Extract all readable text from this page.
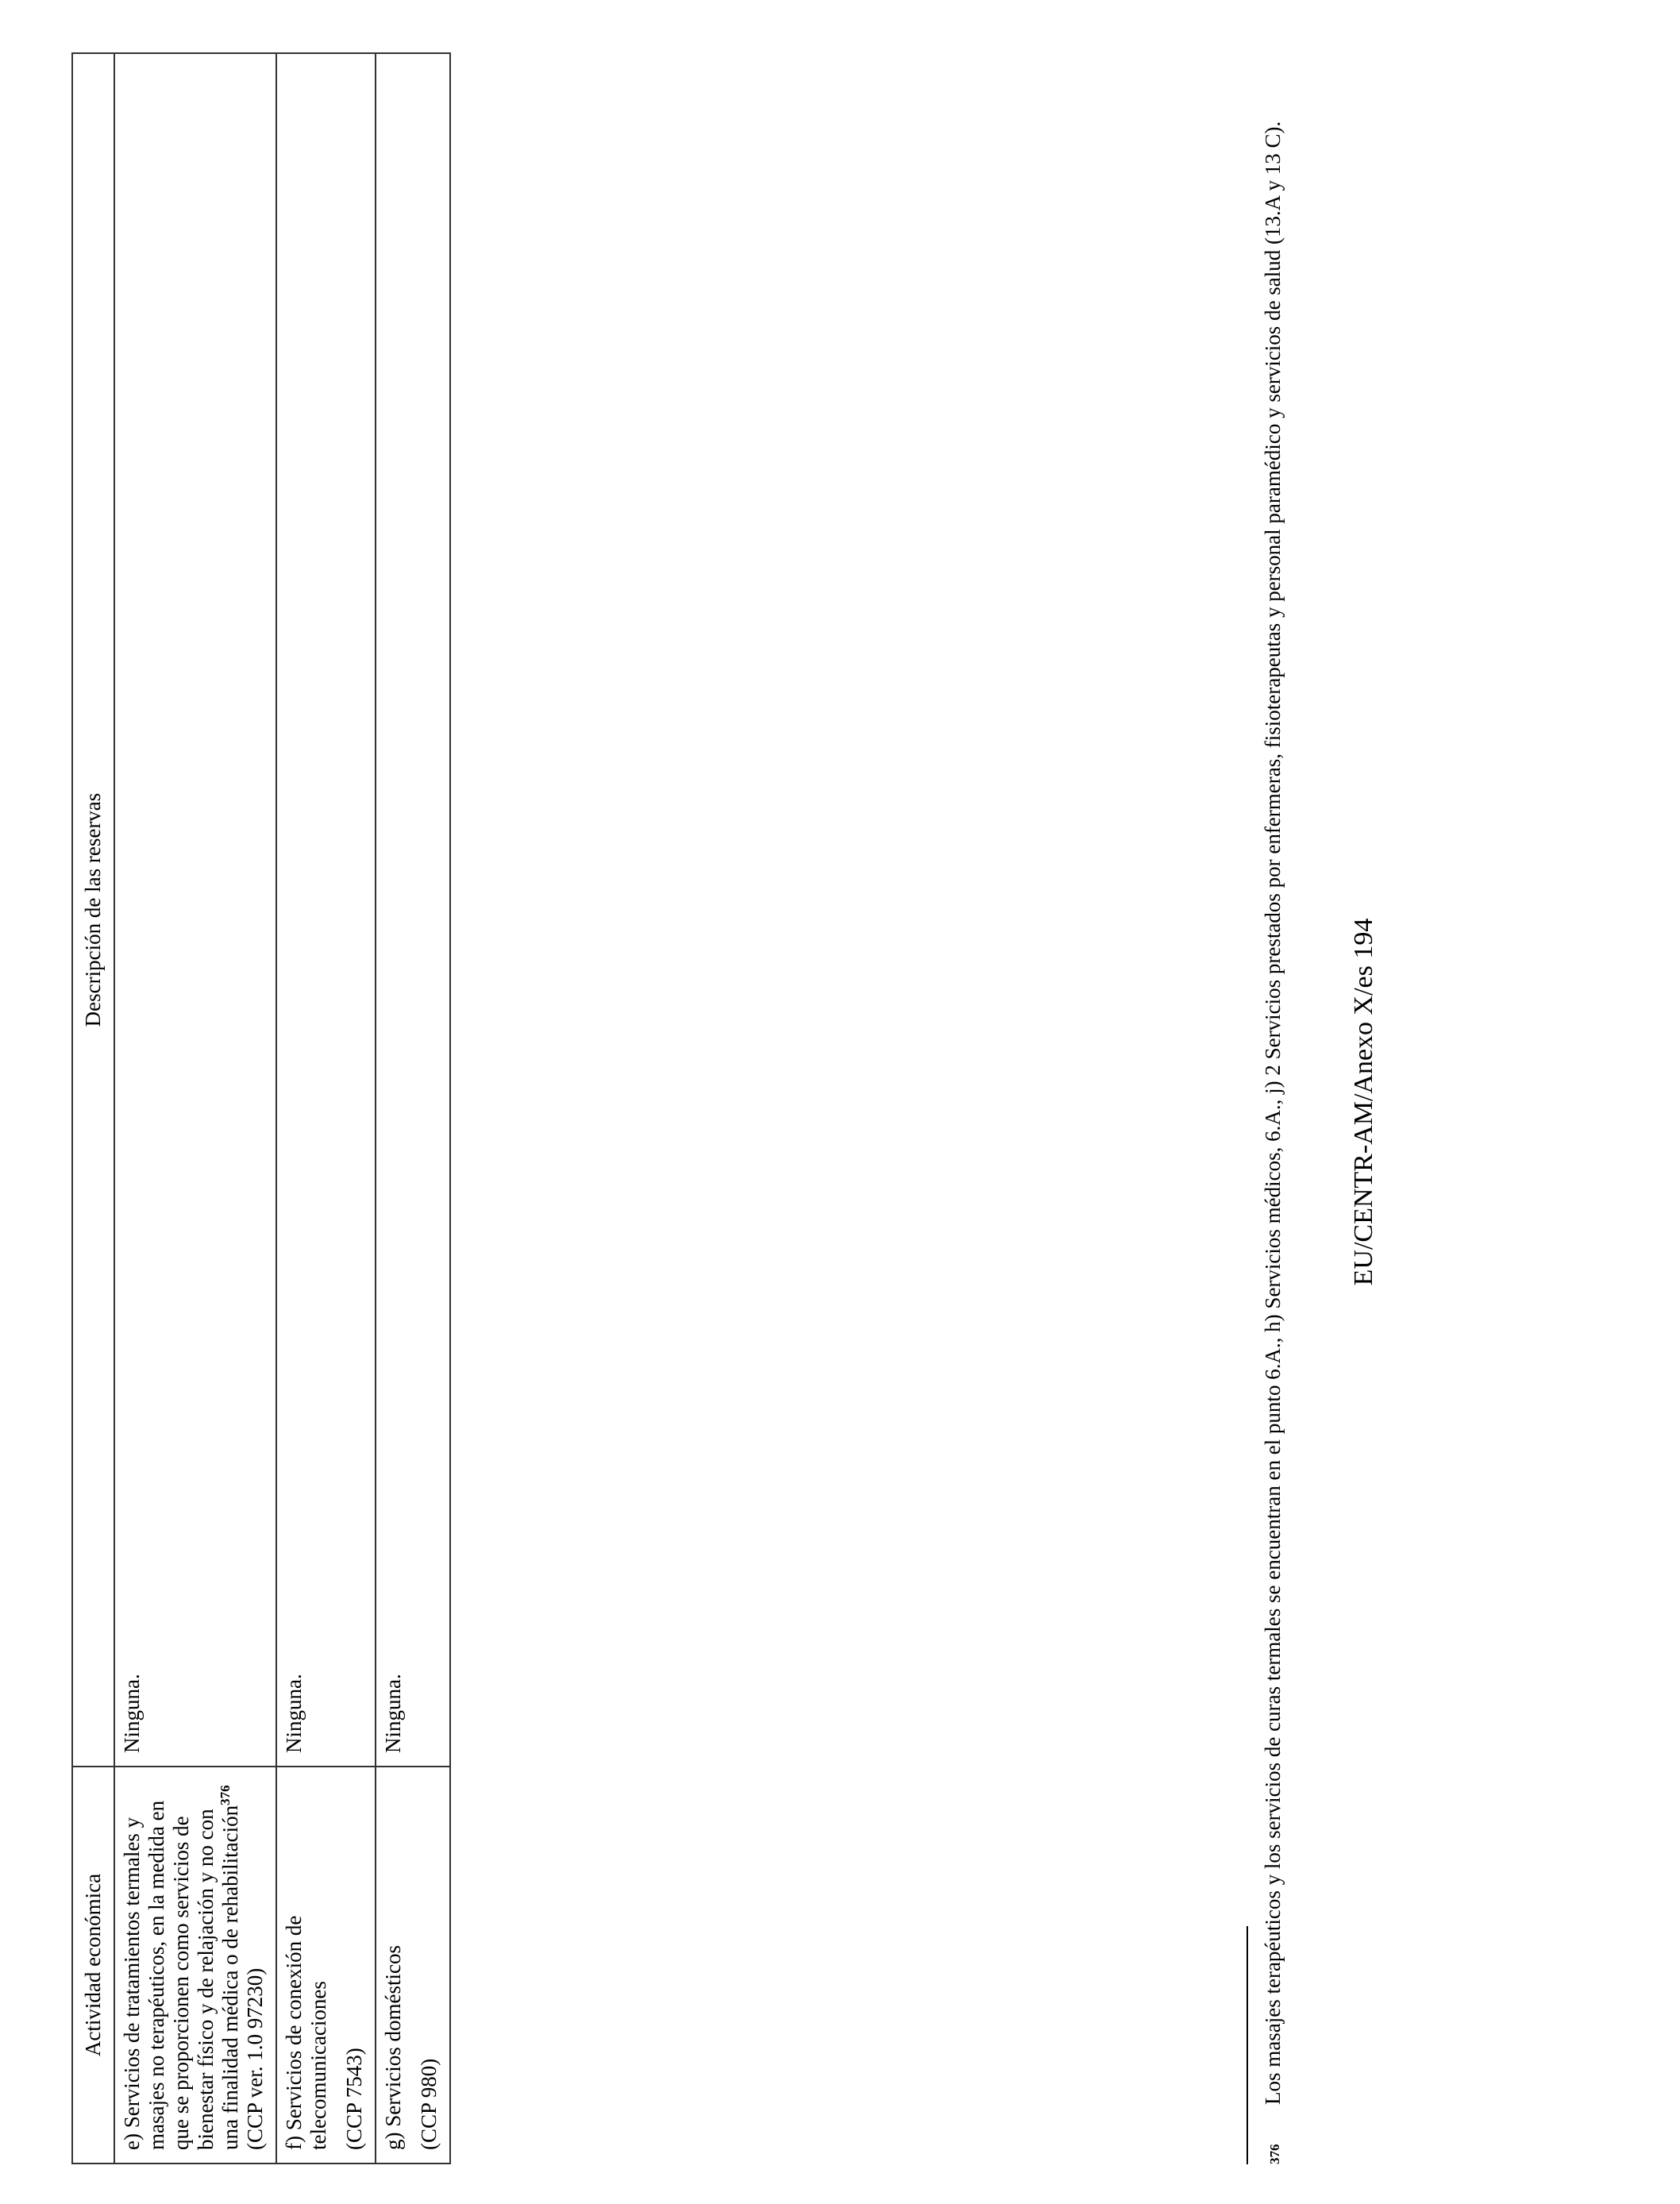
Actividad económica	Descripción de las reservas
e) Servicios de tratamientos termales y masajes no terapéuticos, en la medida en que se proporcionen como servicios de bienestar físico y de relajación y no con una finalidad médica o de rehabilitación$^{376}$ (CCP ver. 1.0 97230)	Ninguna.
f) Servicios de conexión de telecomunicaciones (CCP 7543)	Ninguna.
g) Servicios domésticos (CCP 980)	Ninguna.
376
Los masajes terapéuticos y los servicios de curas termales se encuentran en el punto 6.A., h) Servicios médicos, 6.A., j) 2 Servicios prestados por enfermeras, fisioterapeutas y personal paramédico y servicios de salud (13.A y 13 C). EU/CENTR-AM/Anexo X/es 194
